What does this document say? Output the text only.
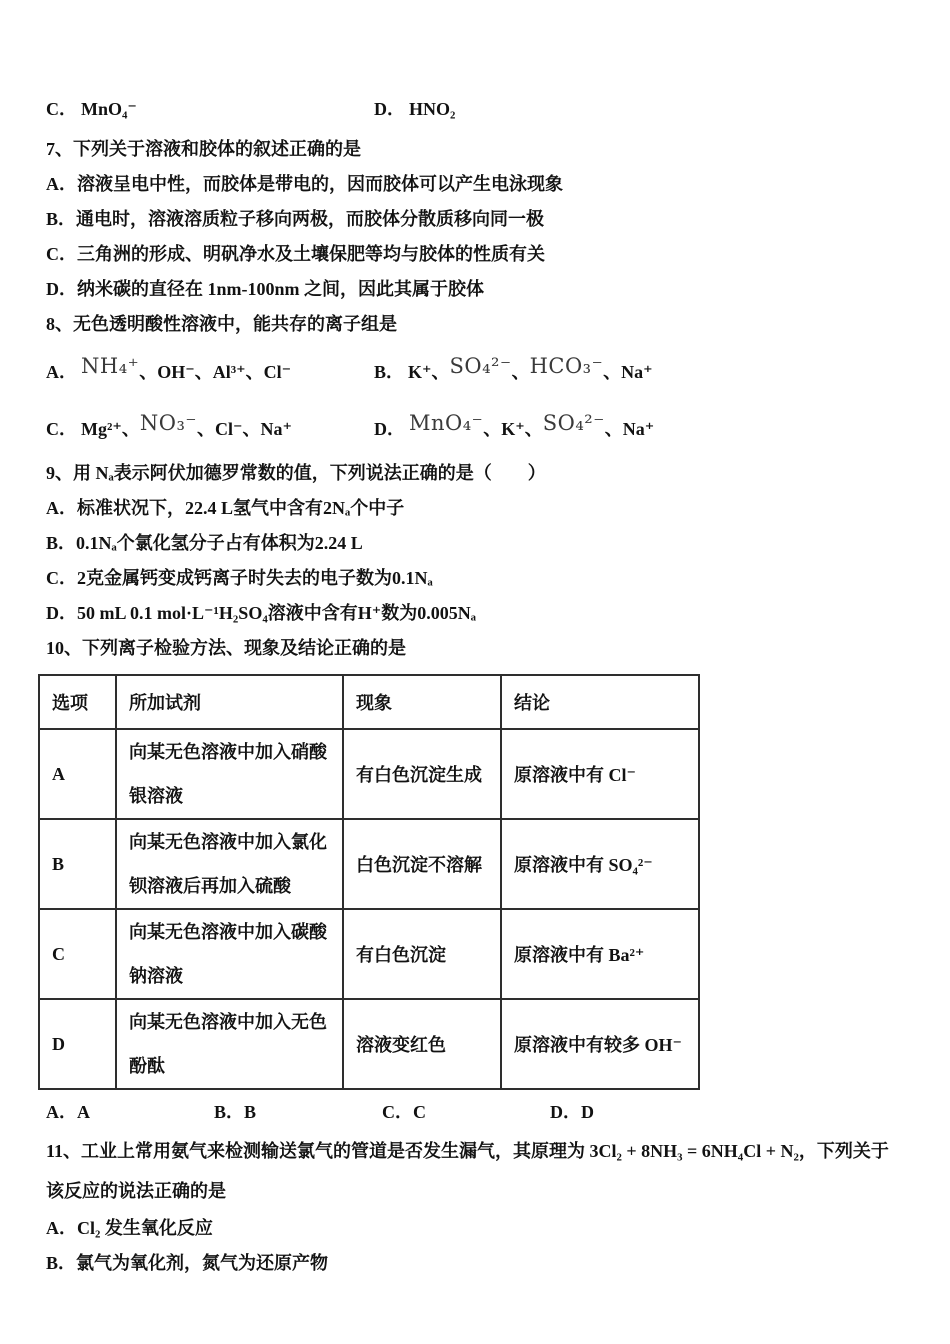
C． MnO₄⁻	D． HNO₂
7、下列关于溶液和胶体的叙述正确的是
A．溶液呈电中性，而胶体是带电的，因而胶体可以产生电泳现象
B．通电时，溶液溶质粒子移向两极，而胶体分散质移向同一极
C．三角洲的形成、明矾净水及土壤保肥等均与胶体的性质有关
D．纳米碳的直径在 1nm-100nm 之间，因此其属于胶体
8、无色透明酸性溶液中，能共存的离子组是
A． NH₄⁺、OH⁻、Al³⁺、Cl⁻	B． K⁺、SO₄²⁻、HCO₃⁻、Na⁺
C． Mg²⁺、NO₃⁻、Cl⁻、Na⁺	D． MnO₄⁻、K⁺、SO₄²⁻、Na⁺
9、用 Nₐ表示阿伏加德罗常数的值，下列说法正确的是（　　）
A．标准状况下，22.4 L氢气中含有2Nₐ个中子
B．0.1Nₐ个氯化氢分子占有体积为2.24 L
C．2克金属钙变成钙离子时失去的电子数为0.1Nₐ
D．50 mL 0.1 mol·L⁻¹H₂SO₄溶液中含有H⁺数为0.005Nₐ
10、下列离子检验方法、现象及结论正确的是
选项	所加试剂	现象	结论
A	向某无色溶液中加入硝酸银溶液	有白色沉淀生成	原溶液中有 Cl⁻
B	向某无色溶液中加入氯化钡溶液后再加入硫酸	白色沉淀不溶解	原溶液中有 SO₄²⁻
C	向某无色溶液中加入碳酸钠溶液	有白色沉淀	原溶液中有 Ba²⁺
D	向某无色溶液中加入无色酚酞	溶液变红色	原溶液中有较多 OH⁻
A．A	B．B	C．C	D．D
11、工业上常用氨气来检测输送氯气的管道是否发生漏气，其原理为 3Cl₂ + 8NH₃ = 6NH₄Cl + N₂，下列关于该反应的说法正确的是
A．Cl₂ 发生氧化反应
B．氯气为氧化剂，氮气为还原产物
